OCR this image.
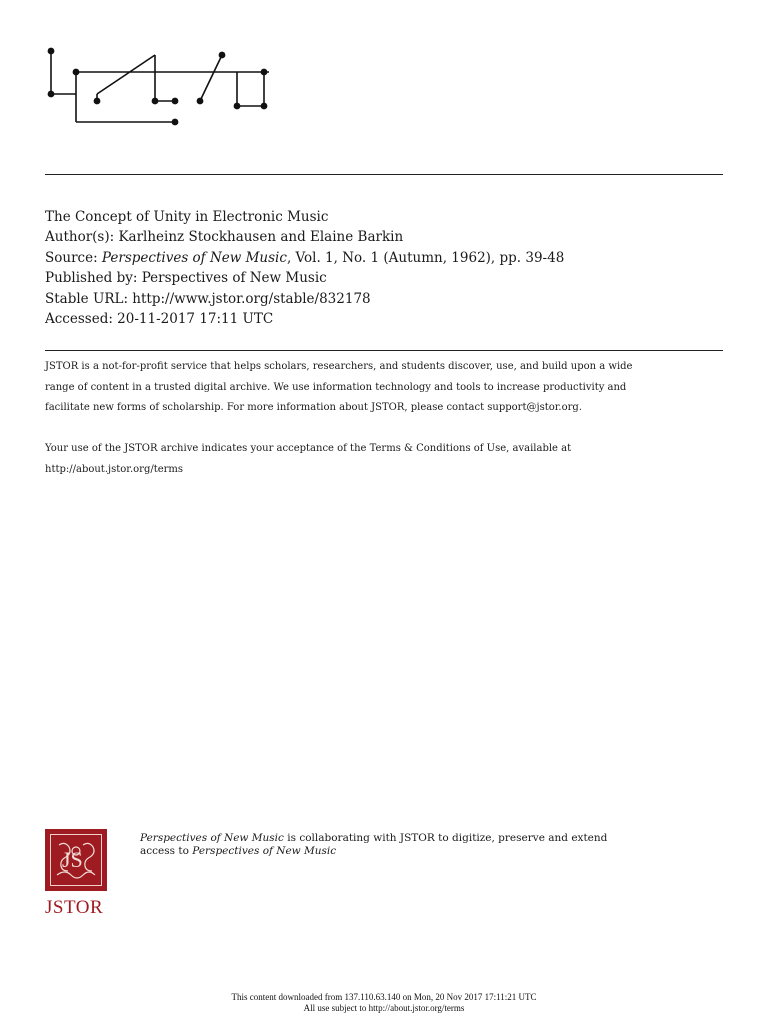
The Concept of Unity in Electronic Music
Author(s): Karlheinz Stockhausen and Elaine Barkin
Source: Perspectives of New Music, Vol. 1, No. 1 (Autumn, 1962), pp. 39-48
Published by: Perspectives of New Music
Stable URL: http://www.jstor.org/stable/832178
Accessed: 20-11-2017 17:11 UTC
JSTOR is a not-for-profit service that helps scholars, researchers, and students discover, use, and build upon a wide
range of content in a trusted digital archive. We use information technology and tools to increase productivity and
facilitate new forms of scholarship. For more information about JSTOR, please contact support@jstor.org.
Your use of the JSTOR archive indicates your acceptance of the Terms & Conditions of Use, available at
http://about.jstor.org/terms
JS
JSTOR
Perspectives of New Music is collaborating with JSTOR to digitize, preserve and extend
access to Perspectives of New Music
This content downloaded from 137.110.63.140 on Mon, 20 Nov 2017 17:11:21 UTC
All use subject to http://about.jstor.org/terms
